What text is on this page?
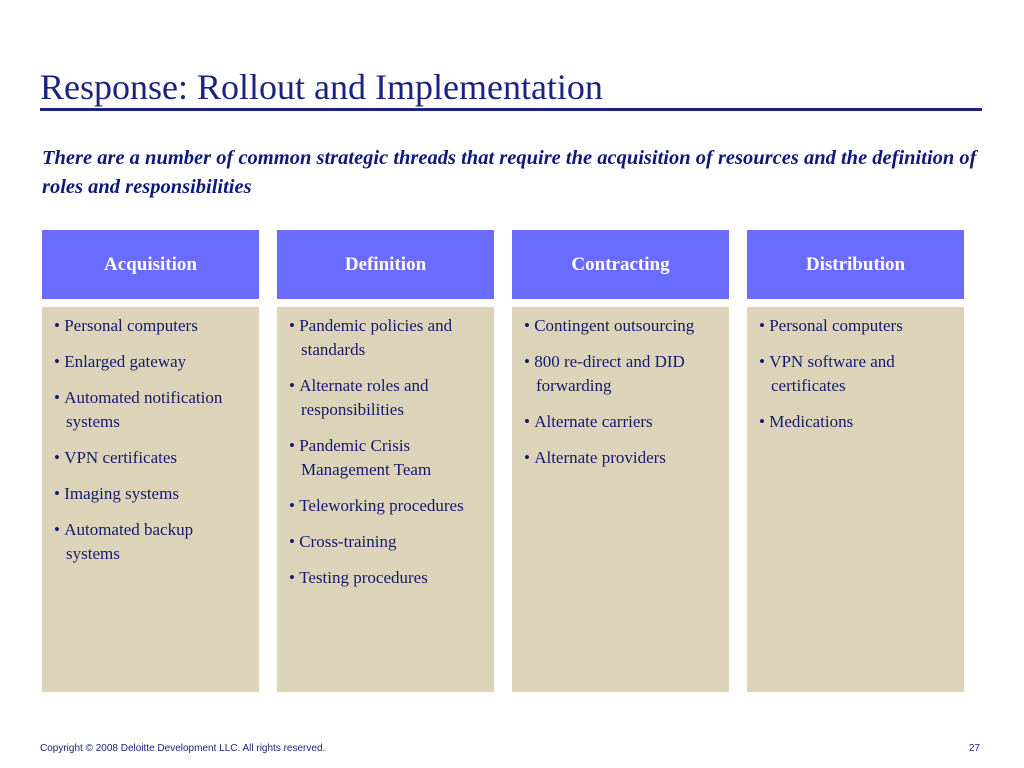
Response: Rollout and Implementation
There are a number of common strategic threads that require the acquisition of resources and the definition of roles and responsibilities
Acquisition
• Personal computers
• Enlarged gateway
• Automated notification systems
• VPN certificates
• Imaging systems
• Automated backup systems
Definition
• Pandemic policies and standards
• Alternate roles and responsibilities
• Pandemic Crisis Management Team
• Teleworking procedures
• Cross-training
• Testing procedures
Contracting
• Contingent outsourcing
• 800 re-direct and DID forwarding
• Alternate carriers
• Alternate providers
Distribution
• Personal computers
• VPN software and certificates
• Medications
Copyright © 2008 Deloitte Development LLC. All rights reserved.	27
